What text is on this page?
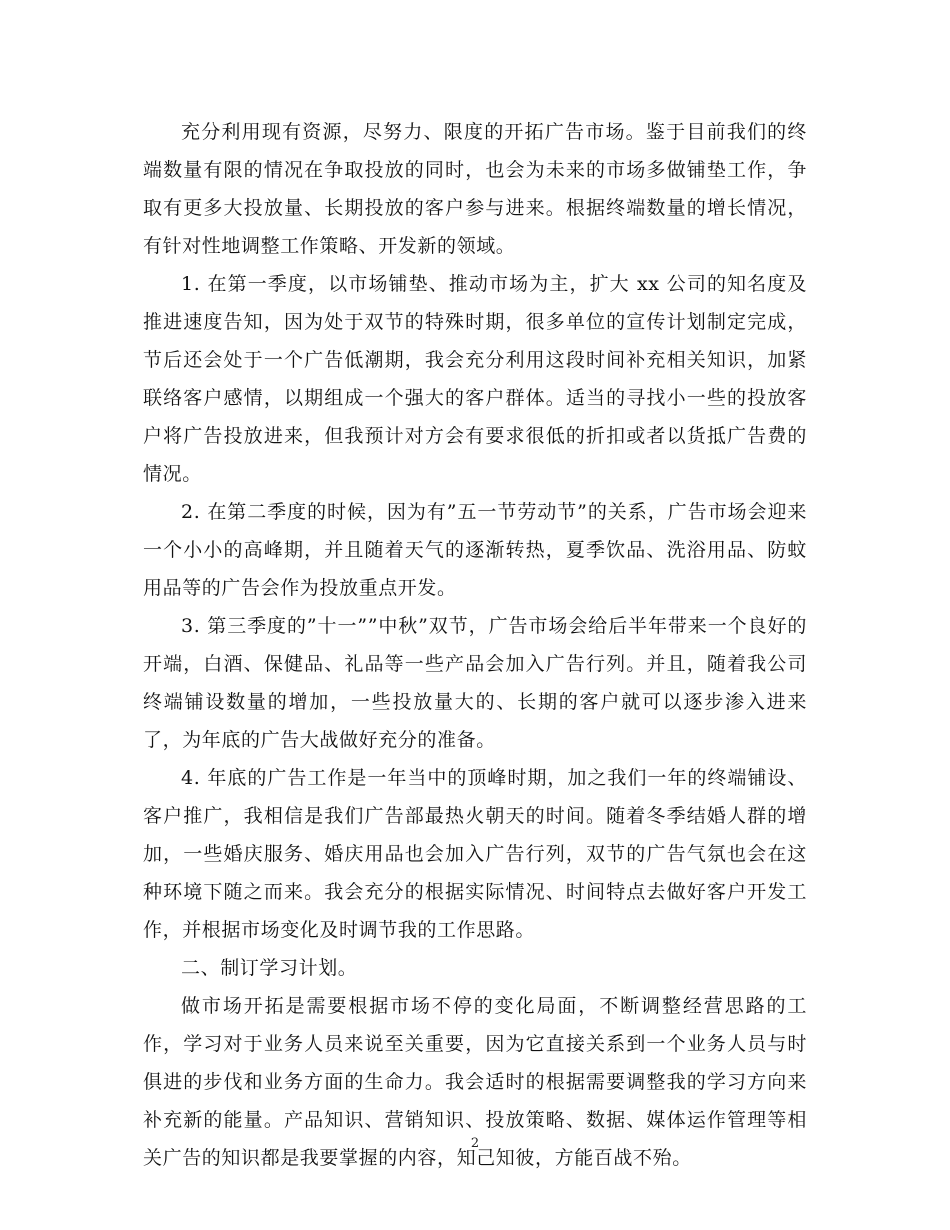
充分利用现有资源，尽努力、限度的开拓广告市场。鉴于目前我们的终端数量有限的情况在争取投放的同时，也会为未来的市场多做铺垫工作，争取有更多大投放量、长期投放的客户参与进来。根据终端数量的增长情况，有针对性地调整工作策略、开发新的领域。

1. 在第一季度，以市场铺垫、推动市场为主，扩大 xx 公司的知名度及推进速度告知，因为处于双节的特殊时期，很多单位的宣传计划制定完成，节后还会处于一个广告低潮期，我会充分利用这段时间补充相关知识，加紧联络客户感情，以期组成一个强大的客户群体。适当的寻找小一些的投放客户将广告投放进来，但我预计对方会有要求很低的折扣或者以货抵广告费的情况。

2. 在第二季度的时候，因为有”五一节劳动节”的关系，广告市场会迎来一个小小的高峰期，并且随着天气的逐渐转热，夏季饮品、洗浴用品、防蚊用品等的广告会作为投放重点开发。

3. 第三季度的”十一””中秋”双节，广告市场会给后半年带来一个良好的开端，白酒、保健品、礼品等一些产品会加入广告行列。并且，随着我公司终端铺设数量的增加，一些投放量大的、长期的客户就可以逐步渗入进来了，为年底的广告大战做好充分的准备。

4. 年底的广告工作是一年当中的顶峰时期，加之我们一年的终端铺设、客户推广，我相信是我们广告部最热火朝天的时间。随着冬季结婚人群的增加，一些婚庆服务、婚庆用品也会加入广告行列，双节的广告气氛也会在这种环境下随之而来。我会充分的根据实际情况、时间特点去做好客户开发工作，并根据市场变化及时调节我的工作思路。

二、制订学习计划。

做市场开拓是需要根据市场不停的变化局面，不断调整经营思路的工作，学习对于业务人员来说至关重要，因为它直接关系到一个业务人员与时俱进的步伐和业务方面的生命力。我会适时的根据需要调整我的学习方向来补充新的能量。产品知识、营销知识、投放策略、数据、媒体运作管理等相关广告的知识都是我要掌握的内容，知己知彼，方能百战不殆。

2
